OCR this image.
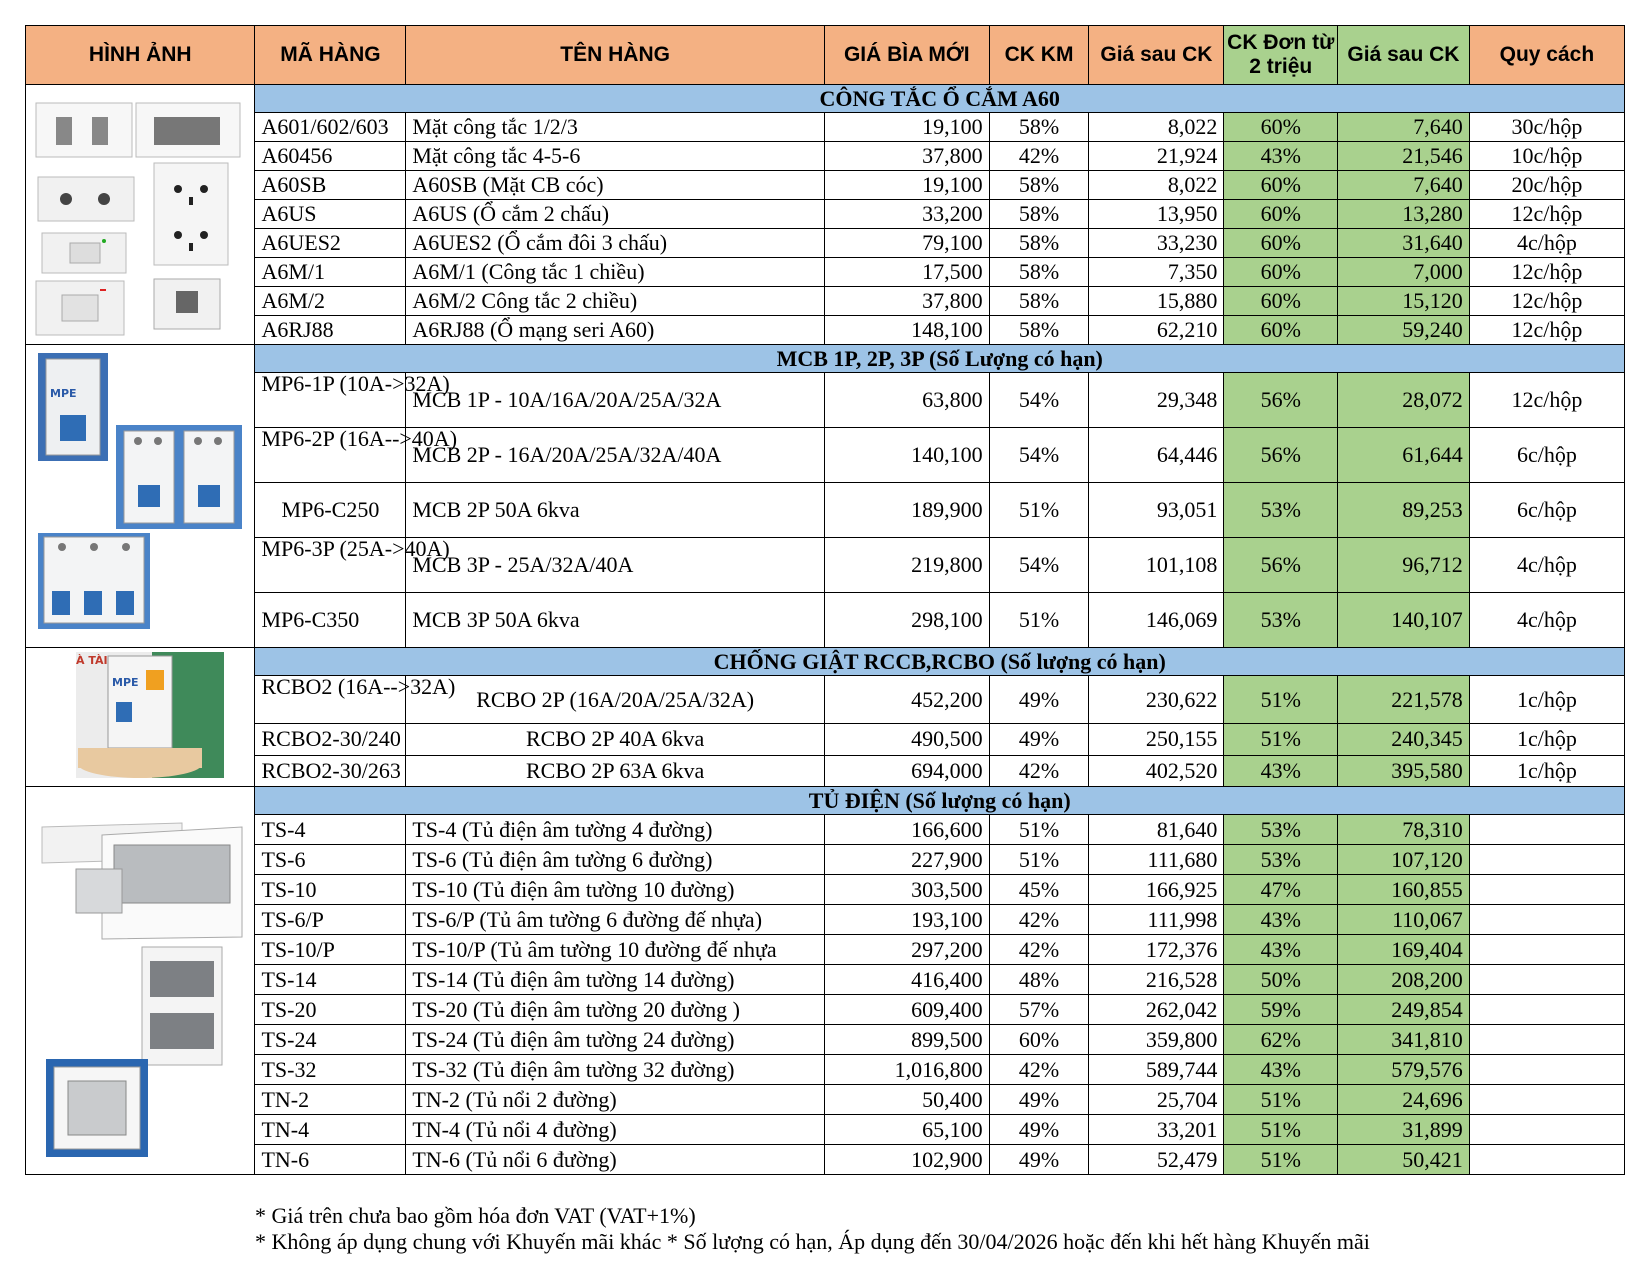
HÌNH ẢNH	MÃ HÀNG	TÊN HÀNG	GIÁ BÌA MỚI	CK KM	Giá sau CK	CK Đơn từ 2 triệu	Giá sau CK	Quy cách
	CÔNG TẮC Ổ CẮM A60							
	A601/602/603	Mặt công tắc 1/2/3	19,100	58%	8,022	60%	7,640	30c/hộp
	A60456	Mặt công tắc 4-5-6	37,800	42%	21,924	43%	21,546	10c/hộp
	A60SB	A60SB (Mặt CB cóc)	19,100	58%	8,022	60%	7,640	20c/hộp
	A6US	A6US (Ổ cắm 2 chấu)	33,200	58%	13,950	60%	13,280	12c/hộp
	A6UES2	A6UES2 (Ổ cắm đôi 3 chấu)	79,100	58%	33,230	60%	31,640	4c/hộp
	A6M/1	A6M/1 (Công tắc 1 chiều)	17,500	58%	7,350	60%	7,000	12c/hộp
	A6M/2	A6M/2 Công tắc 2 chiều)	37,800	58%	15,880	60%	15,120	12c/hộp
	A6RJ88	A6RJ88 (Ổ mạng seri A60)	148,100	58%	62,210	60%	59,240	12c/hộp

MPE	MCB 1P, 2P, 3P (Số Lượng có hạn)							
	MP6-1P (10A->32A)	MCB 1P - 10A/16A/20A/25A/32A	63,800	54%	29,348	56%	28,072	12c/hộp
	MP6-2P (16A-->40A)	MCB 2P - 16A/20A/25A/32A/40A	140,100	54%	64,446	56%	61,644	6c/hộp
	MP6-C250	MCB 2P 50A 6kva	189,900	51%	93,051	53%	89,253	6c/hộp
	MP6-3P (25A->40A)	MCB 3P - 25A/32A/40A	219,800	54%	101,108	56%	96,712	4c/hộp
	MP6-C350	MCB 3P 50A 6kva	298,100	51%	146,069	53%	140,107	4c/hộp

À TÀI
MPE	CHỐNG GIẬT RCCB,RCBO (Số lượng có hạn)							
	RCBO2 (16A-->32A)	RCBO 2P (16A/20A/25A/32A)	452,200	49%	230,622	51%	221,578	1c/hộp
	RCBO2-30/240	RCBO 2P 40A 6kva	490,500	49%	250,155	51%	240,345	1c/hộp
	RCBO2-30/263	RCBO 2P 63A 6kva	694,000	42%	402,520	43%	395,580	1c/hộp
	TỦ ĐIỆN (Số lượng có hạn)							
	TS-4	TS-4 (Tủ điện âm tường 4 đường)	166,600	51%	81,640	53%	78,310	
	TS-6	TS-6 (Tủ điện âm tường 6 đường)	227,900	51%	111,680	53%	107,120	
	TS-10	TS-10 (Tủ điện âm tường 10 đường)	303,500	45%	166,925	47%	160,855	
	TS-6/P	TS-6/P (Tủ âm tường 6 đường đế nhựa)	193,100	42%	111,998	43%	110,067	
	TS-10/P	TS-10/P (Tủ âm tường 10 đường đế nhựa	297,200	42%	172,376	43%	169,404	
	TS-14	TS-14 (Tủ điện âm tường 14 đường)	416,400	48%	216,528	50%	208,200	
	TS-20	TS-20 (Tủ điện âm tường 20 đường )	609,400	57%	262,042	59%	249,854	
	TS-24	TS-24 (Tủ điện âm tường 24 đường)	899,500	60%	359,800	62%	341,810	
	TS-32	TS-32 (Tủ điện âm tường 32 đường)	1,016,800	42%	589,744	43%	579,576	
	TN-2	TN-2 (Tủ nổi 2 đường)	50,400	49%	25,704	51%	24,696	
	TN-4	TN-4 (Tủ nổi 4 đường)	65,100	49%	33,201	51%	31,899	
	TN-6	TN-6 (Tủ nổi 6 đường)	102,900	49%	52,479	51%	50,421	
* Giá trên chưa bao gồm hóa đơn VAT (VAT+1%)
* Không áp dụng chung với Khuyến mãi khác * Số lượng có hạn, Áp dụng đến 30/04/2026 hoặc đến khi hết hàng Khuyến mãi
